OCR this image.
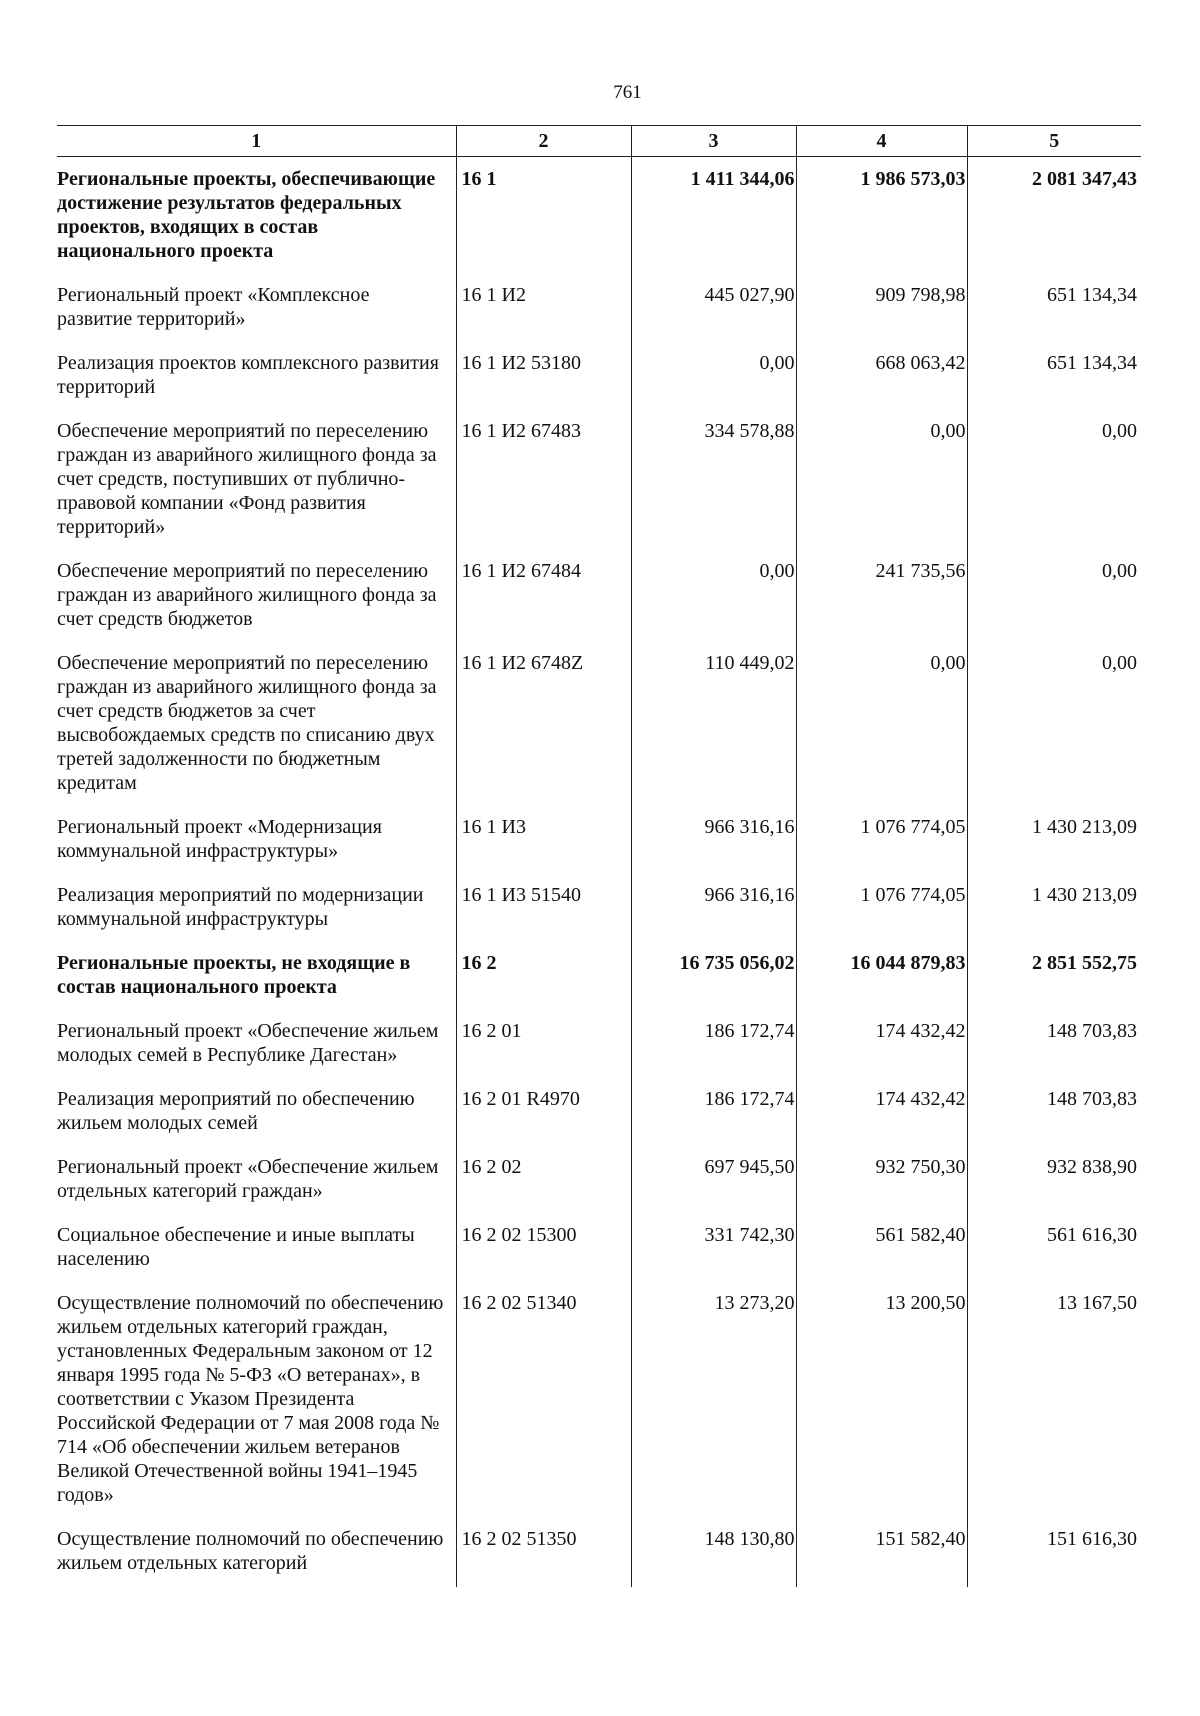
761
1	2	3	4	5
Региональные проекты, обеспечивающие достижение результатов федеральных проектов, входящих в состав национального проекта	16 1	1 411 344,06	1 986 573,03	2 081 347,43
Региональный проект «Комплексное развитие территорий»	16 1 И2	445 027,90	909 798,98	651 134,34
Реализация проектов комплексного развития территорий	16 1 И2 53180	0,00	668 063,42	651 134,34
Обеспечение мероприятий по переселению граждан из аварийного жилищного фонда за счет средств, поступивших от публично-правовой компании «Фонд развития территорий»	16 1 И2 67483	334 578,88	0,00	0,00
Обеспечение мероприятий по переселению граждан из аварийного жилищного фонда за счет средств бюджетов	16 1 И2 67484	0,00	241 735,56	0,00
Обеспечение мероприятий по переселению граждан из аварийного жилищного фонда за счет средств бюджетов за счет высвобождаемых средств по списанию двух третей задолженности по бюджетным кредитам	16 1 И2 6748Z	110 449,02	0,00	0,00
Региональный проект «Модернизация коммунальной инфраструктуры»	16 1 И3	966 316,16	1 076 774,05	1 430 213,09
Реализация мероприятий по модернизации коммунальной инфраструктуры	16 1 И3 51540	966 316,16	1 076 774,05	1 430 213,09
Региональные проекты, не входящие в состав национального проекта	16 2	16 735 056,02	16 044 879,83	2 851 552,75
Региональный проект «Обеспечение жильем молодых семей в Республике Дагестан»	16 2 01	186 172,74	174 432,42	148 703,83
Реализация мероприятий по обеспечению жильем молодых семей	16 2 01 R4970	186 172,74	174 432,42	148 703,83
Региональный проект «Обеспечение жильем отдельных категорий граждан»	16 2 02	697 945,50	932 750,30	932 838,90
Социальное обеспечение и иные выплаты населению	16 2 02 15300	331 742,30	561 582,40	561 616,30
Осуществление полномочий по обеспечению жильем отдельных категорий граждан, установленных Федеральным законом от 12 января 1995 года № 5-ФЗ «О ветеранах», в соответствии с Указом Президента Российской Федерации от 7 мая 2008 года № 714 «Об обеспечении жильем ветеранов Великой Отечественной войны 1941–1945 годов»	16 2 02 51340	13 273,20	13 200,50	13 167,50
Осуществление полномочий по обеспечению жильем отдельных категорий	16 2 02 51350	148 130,80	151 582,40	151 616,30
